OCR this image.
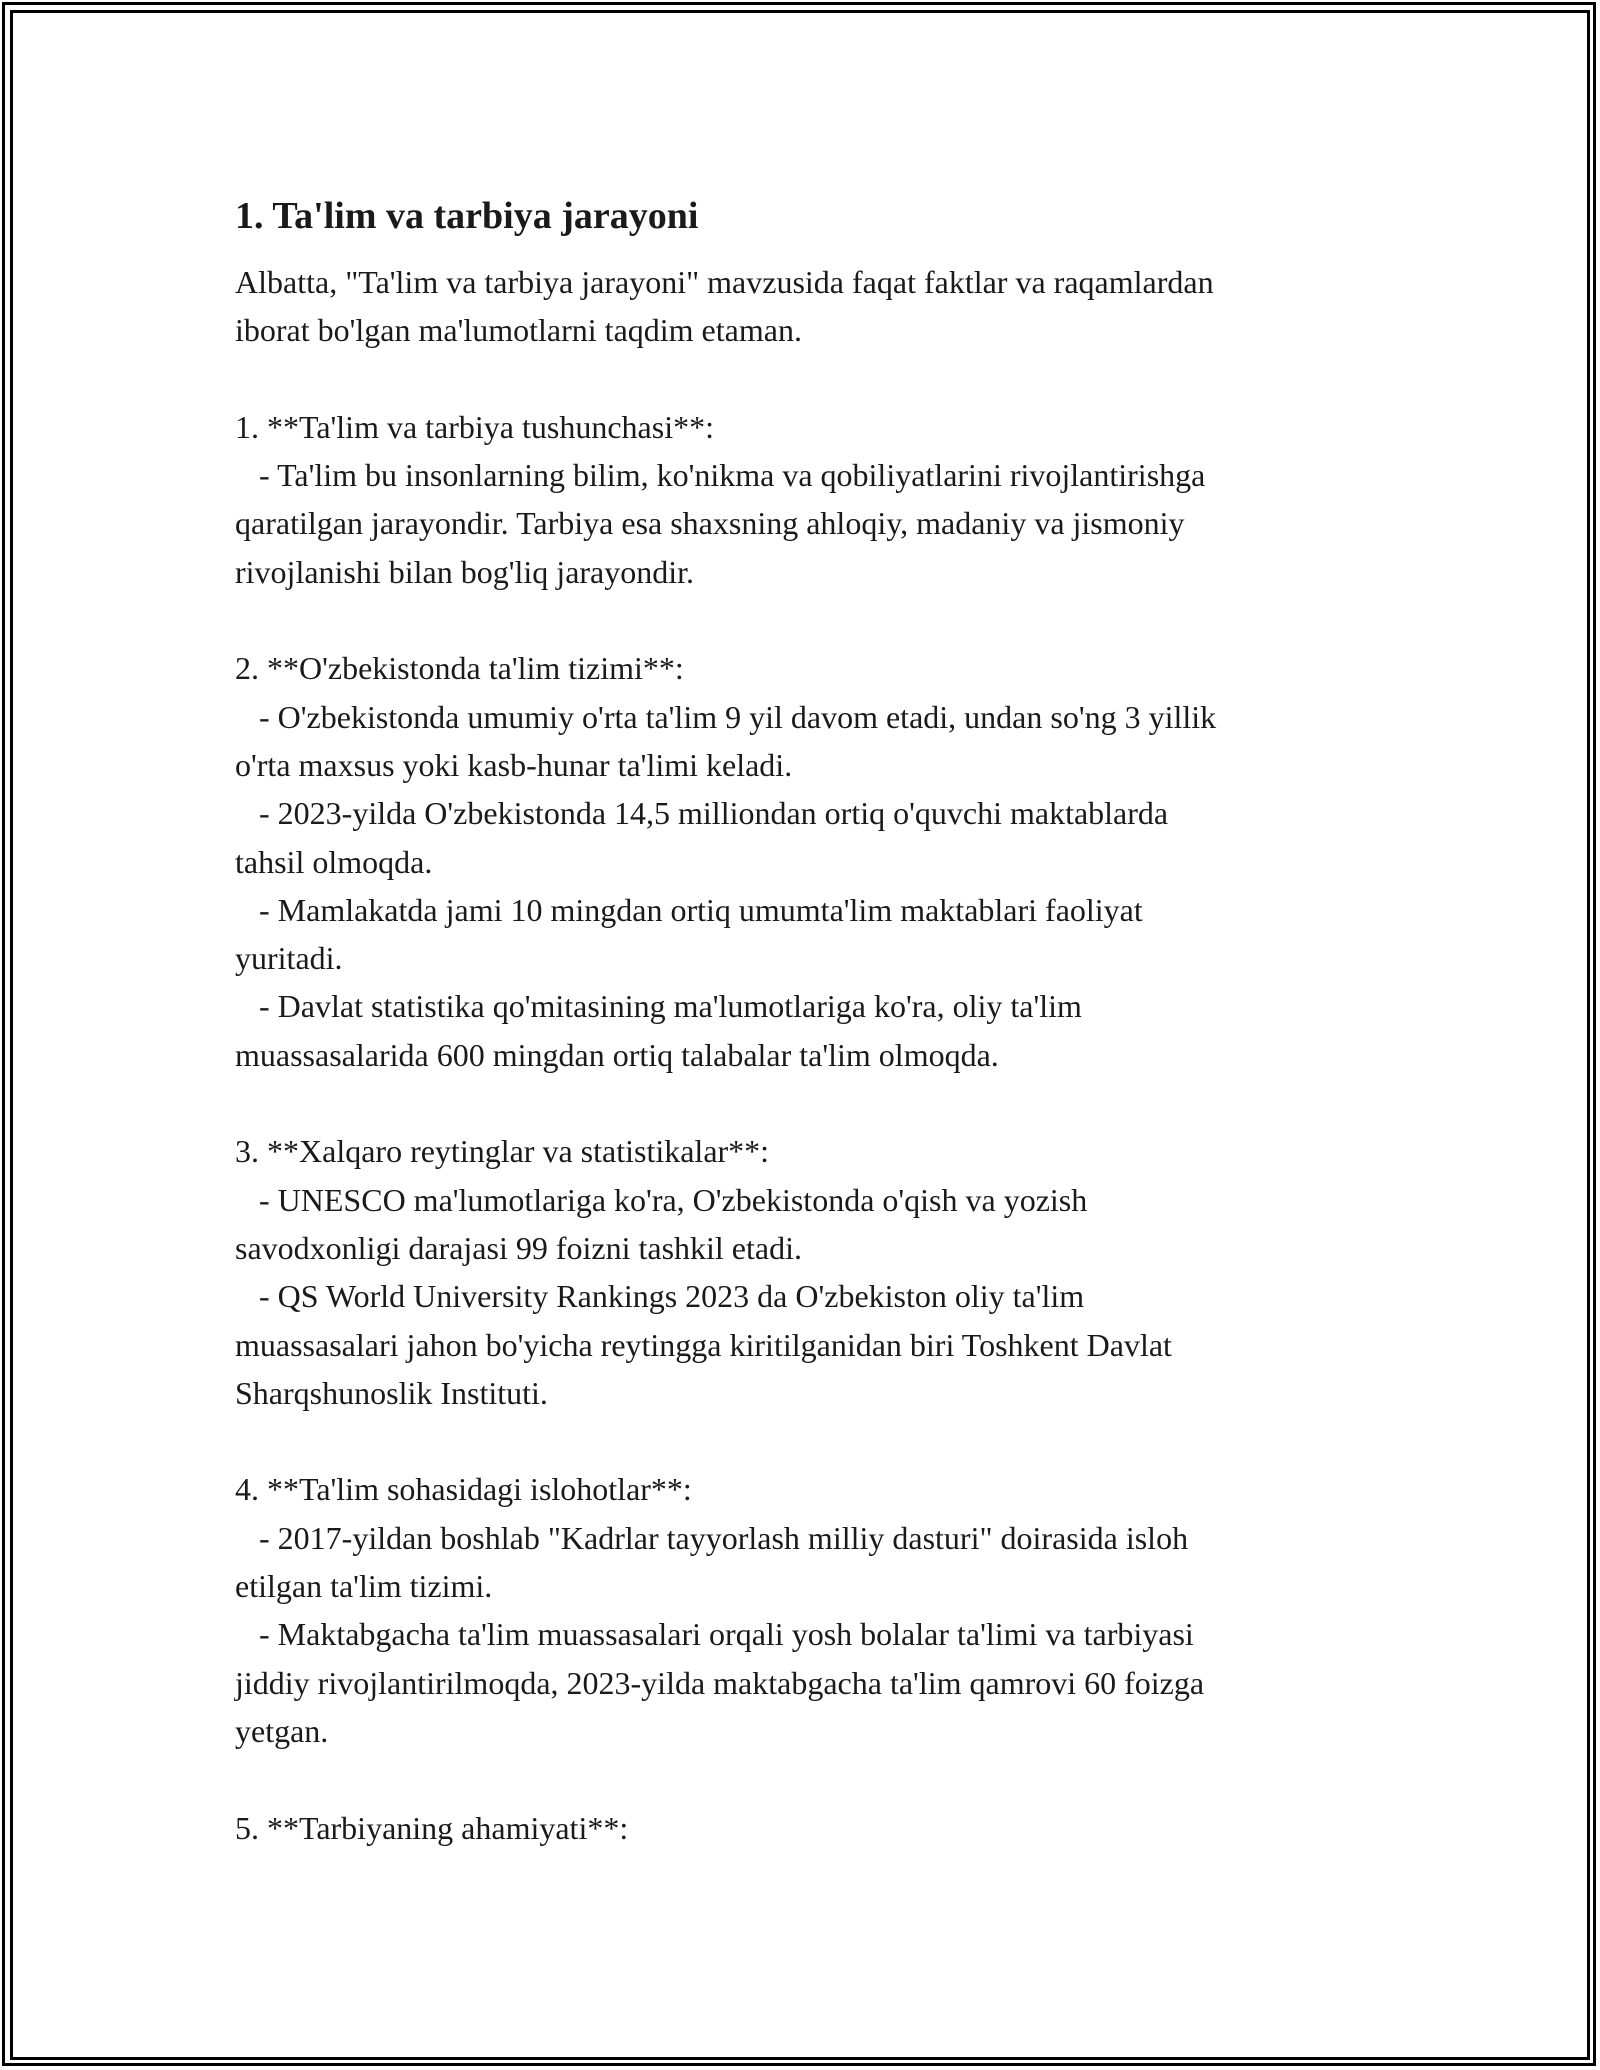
1. Ta'lim va tarbiya jarayoni

Albatta, "Ta'lim va tarbiya jarayoni" mavzusida faqat faktlar va raqamlardan
iborat bo'lgan ma'lumotlarni taqdim etaman.

1. **Ta'lim va tarbiya tushunchasi**:
- Ta'lim bu insonlarning bilim, ko'nikma va qobiliyatlarini rivojlantirishga
qaratilgan jarayondir. Tarbiya esa shaxsning ahloqiy, madaniy va jismoniy
rivojlanishi bilan bog'liq jarayondir.

2. **O'zbekistonda ta'lim tizimi**:
- O'zbekistonda umumiy o'rta ta'lim 9 yil davom etadi, undan so'ng 3 yillik
o'rta maxsus yoki kasb-hunar ta'limi keladi.
- 2023-yilda O'zbekistonda 14,5 milliondan ortiq o'quvchi maktablarda
tahsil olmoqda.
- Mamlakatda jami 10 mingdan ortiq umumta'lim maktablari faoliyat
yuritadi.
- Davlat statistika qo'mitasining ma'lumotlariga ko'ra, oliy ta'lim
muassasalarida 600 mingdan ortiq talabalar ta'lim olmoqda.

3. **Xalqaro reytinglar va statistikalar**:
- UNESCO ma'lumotlariga ko'ra, O'zbekistonda o'qish va yozish
savodxonligi darajasi 99 foizni tashkil etadi.
- QS World University Rankings 2023 da O'zbekiston oliy ta'lim
muassasalari jahon bo'yicha reytingga kiritilganidan biri Toshkent Davlat
Sharqshunoslik Instituti.

4. **Ta'lim sohasidagi islohotlar**:
- 2017-yildan boshlab "Kadrlar tayyorlash milliy dasturi" doirasida isloh
etilgan ta'lim tizimi.
- Maktabgacha ta'lim muassasalari orqali yosh bolalar ta'limi va tarbiyasi
jiddiy rivojlantirilmoqda, 2023-yilda maktabgacha ta'lim qamrovi 60 foizga
yetgan.

5. **Tarbiyaning ahamiyati**:
